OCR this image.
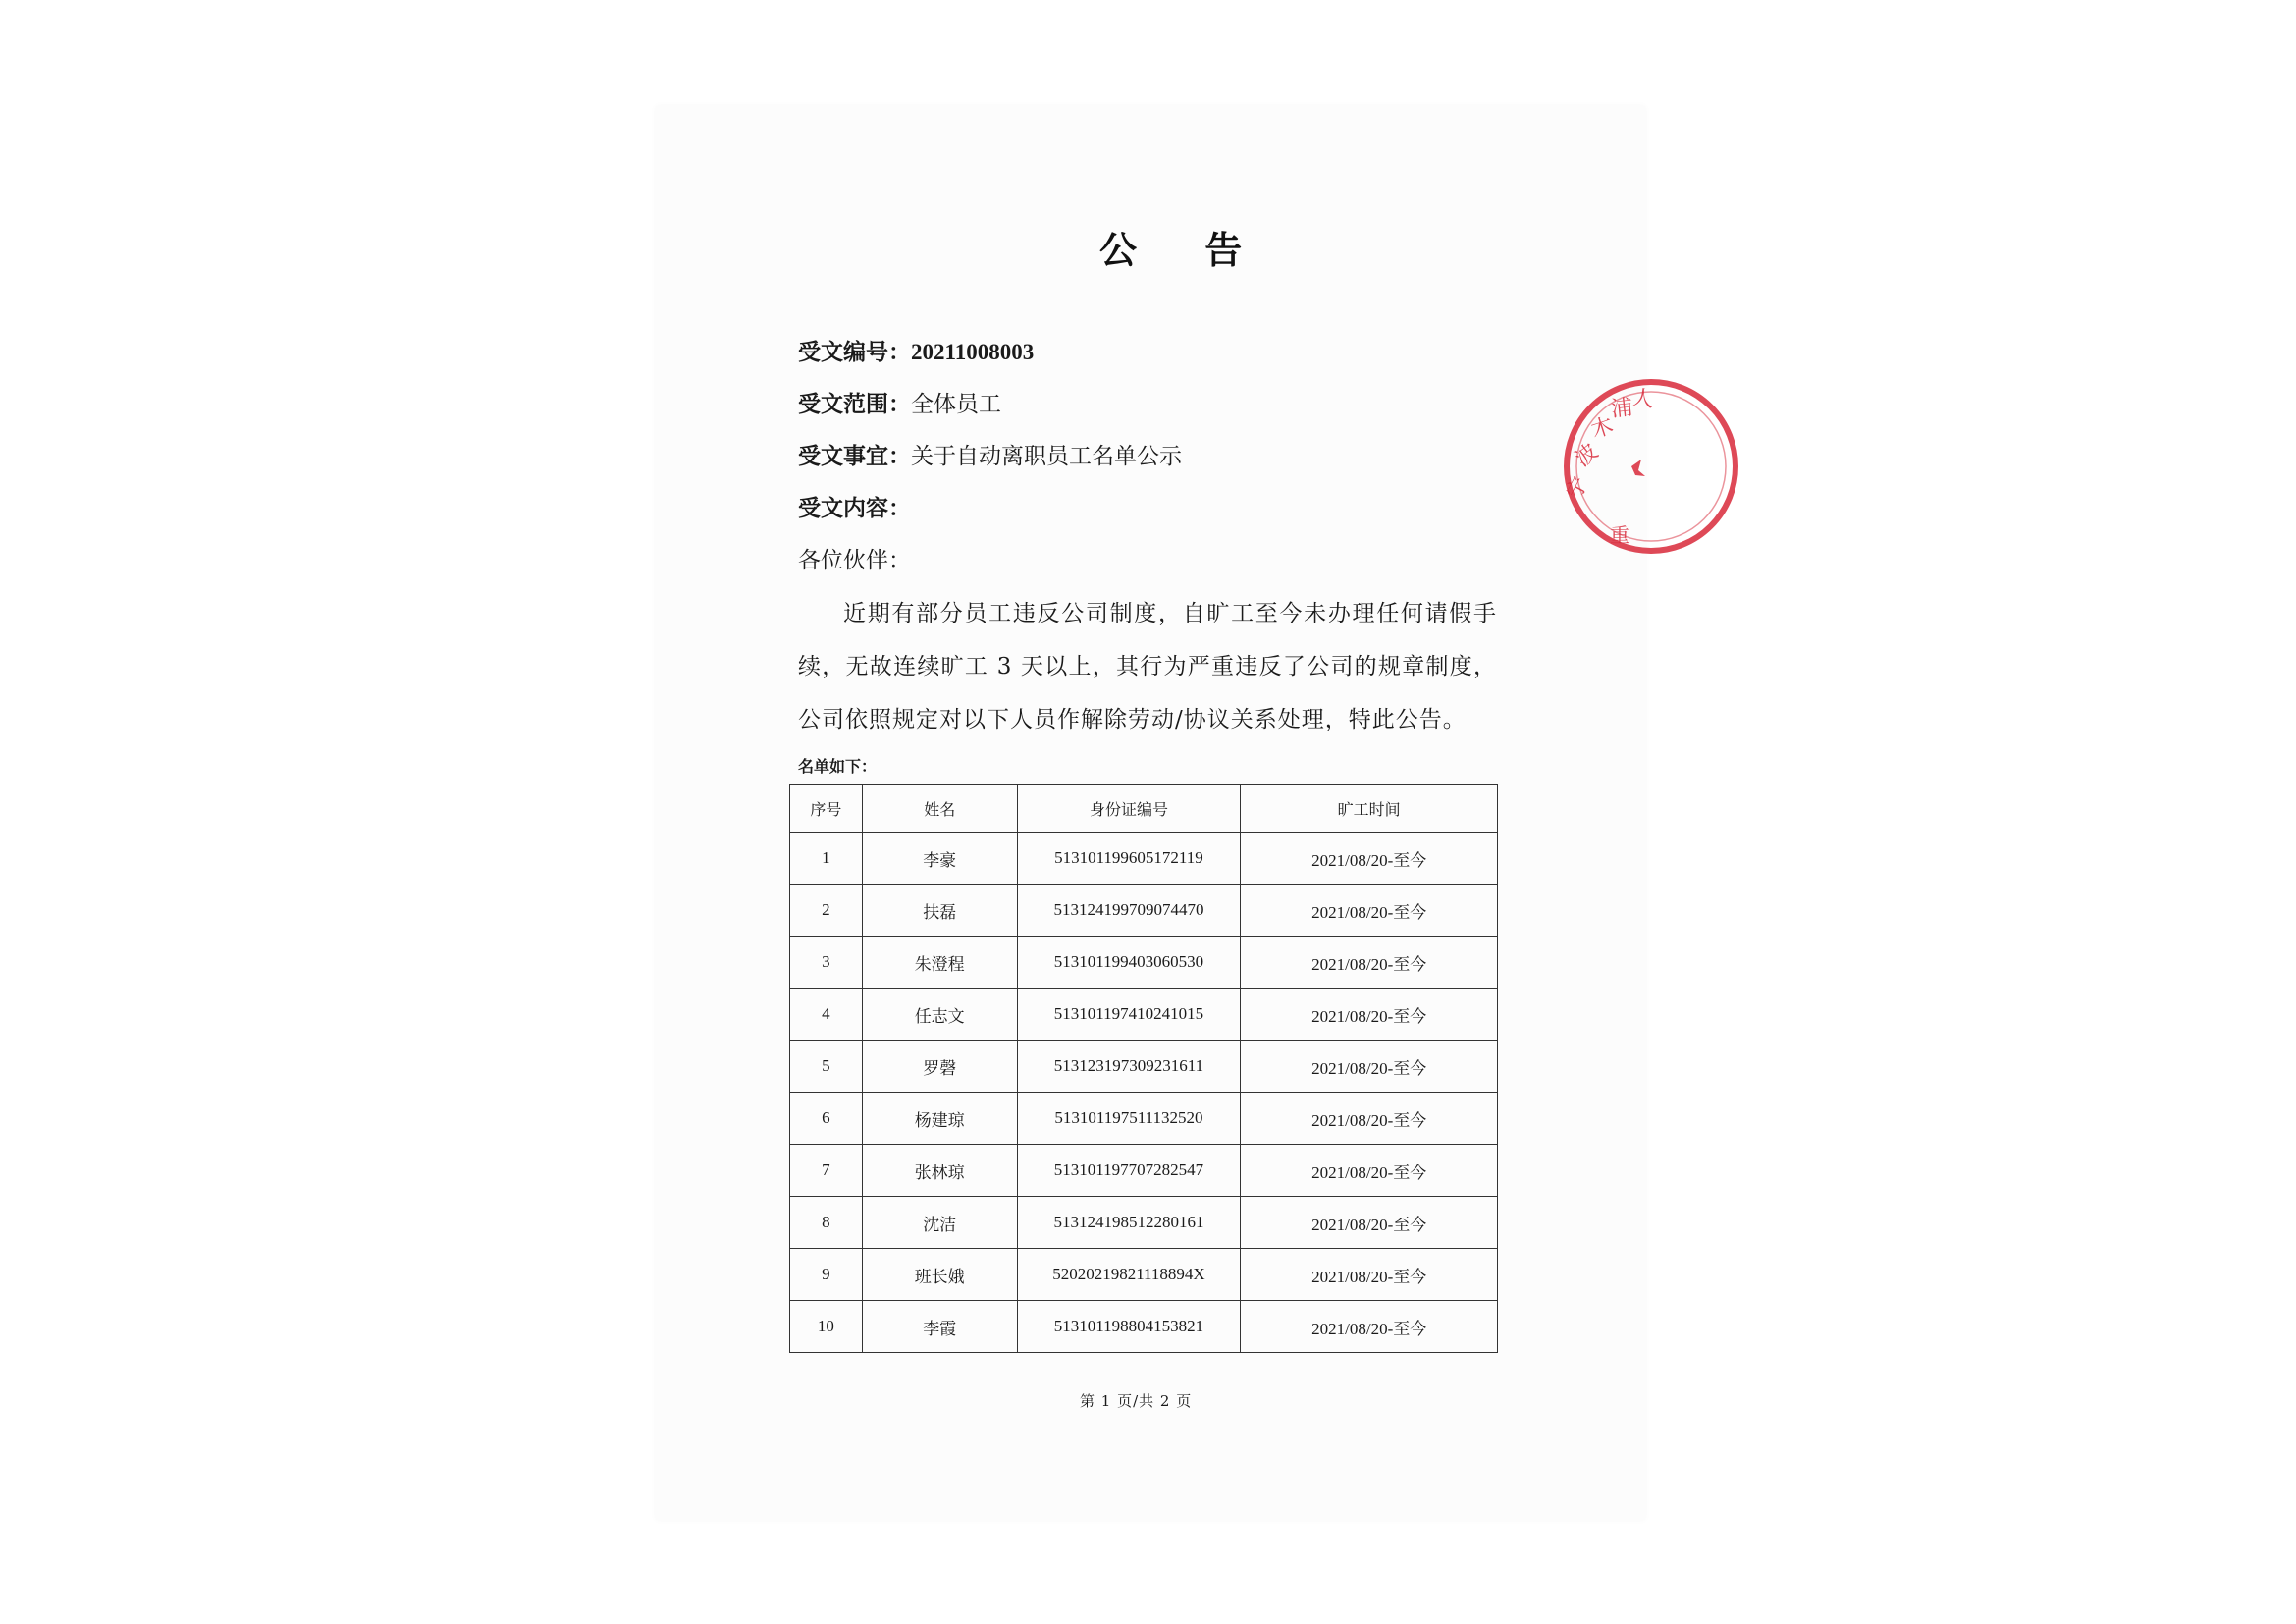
公 告
受文编号：20211008003
受文范围：全体员工
受文事宜：关于自动离职员工名单公示
受文内容：
各位伙伴：
近期有部分员工违反公司制度，自旷工至今未办理任何请假手续，无故连续旷工 3 天以上，其行为严重违反了公司的规章制度，公司依照规定对以下人员作解除劳动/协议关系处理，特此公告。
名单如下：
序号	姓名	身份证编号	旷工时间
1	李豪	513101199605172119	2021/08/20-至今
2	扶磊	513124199709074470	2021/08/20-至今
3	朱澄程	513101199403060530	2021/08/20-至今
4	任志文	513101197410241015	2021/08/20-至今
5	罗磬	513123197309231611	2021/08/20-至今
6	杨建琼	513101197511132520	2021/08/20-至今
7	张林琼	513101197707282547	2021/08/20-至今
8	沈洁	513124198512280161	2021/08/20-至今
9	班长娥	52020219821118894X	2021/08/20-至今
10	李霞	513101198804153821	2021/08/20-至今
第 1 页/共 2 页
宁
波
木
浦
人
重
